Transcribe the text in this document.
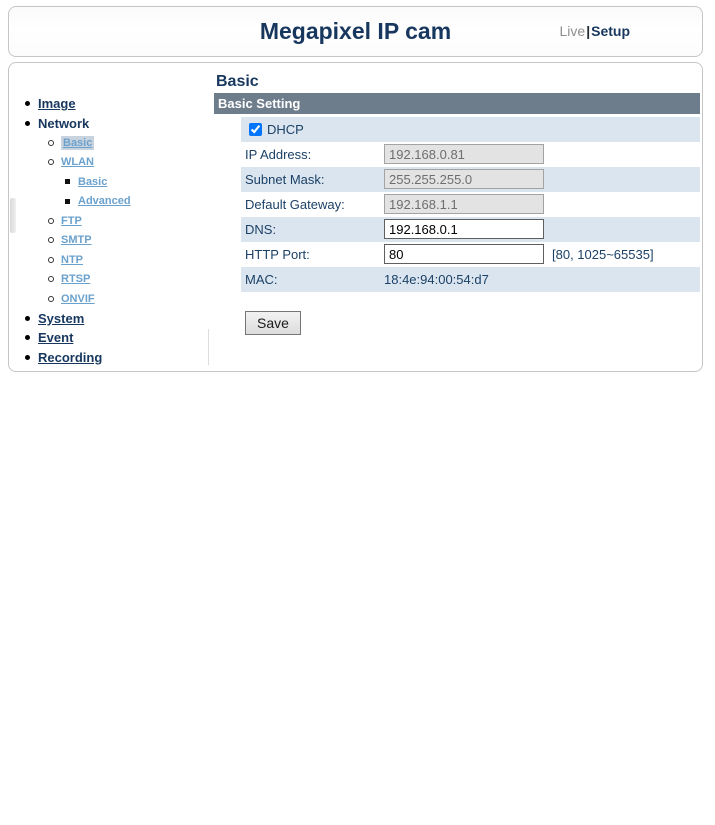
Megapixel IP cam	Live|Setup
Image
Network
Basic
WLAN
Basic
Advanced
FTP
SMTP
NTP
RTSP
ONVIF
System
Event
Recording
Basic
Basic Setting
DHCP
IP Address:
192.168.0.81
Subnet Mask:
255.255.255.0
Default Gateway:
192.168.1.1
DNS:
192.168.0.1
HTTP Port:
80	[80, 1025~65535]
MAC:	18:4e:94:00:54:d7
Save
